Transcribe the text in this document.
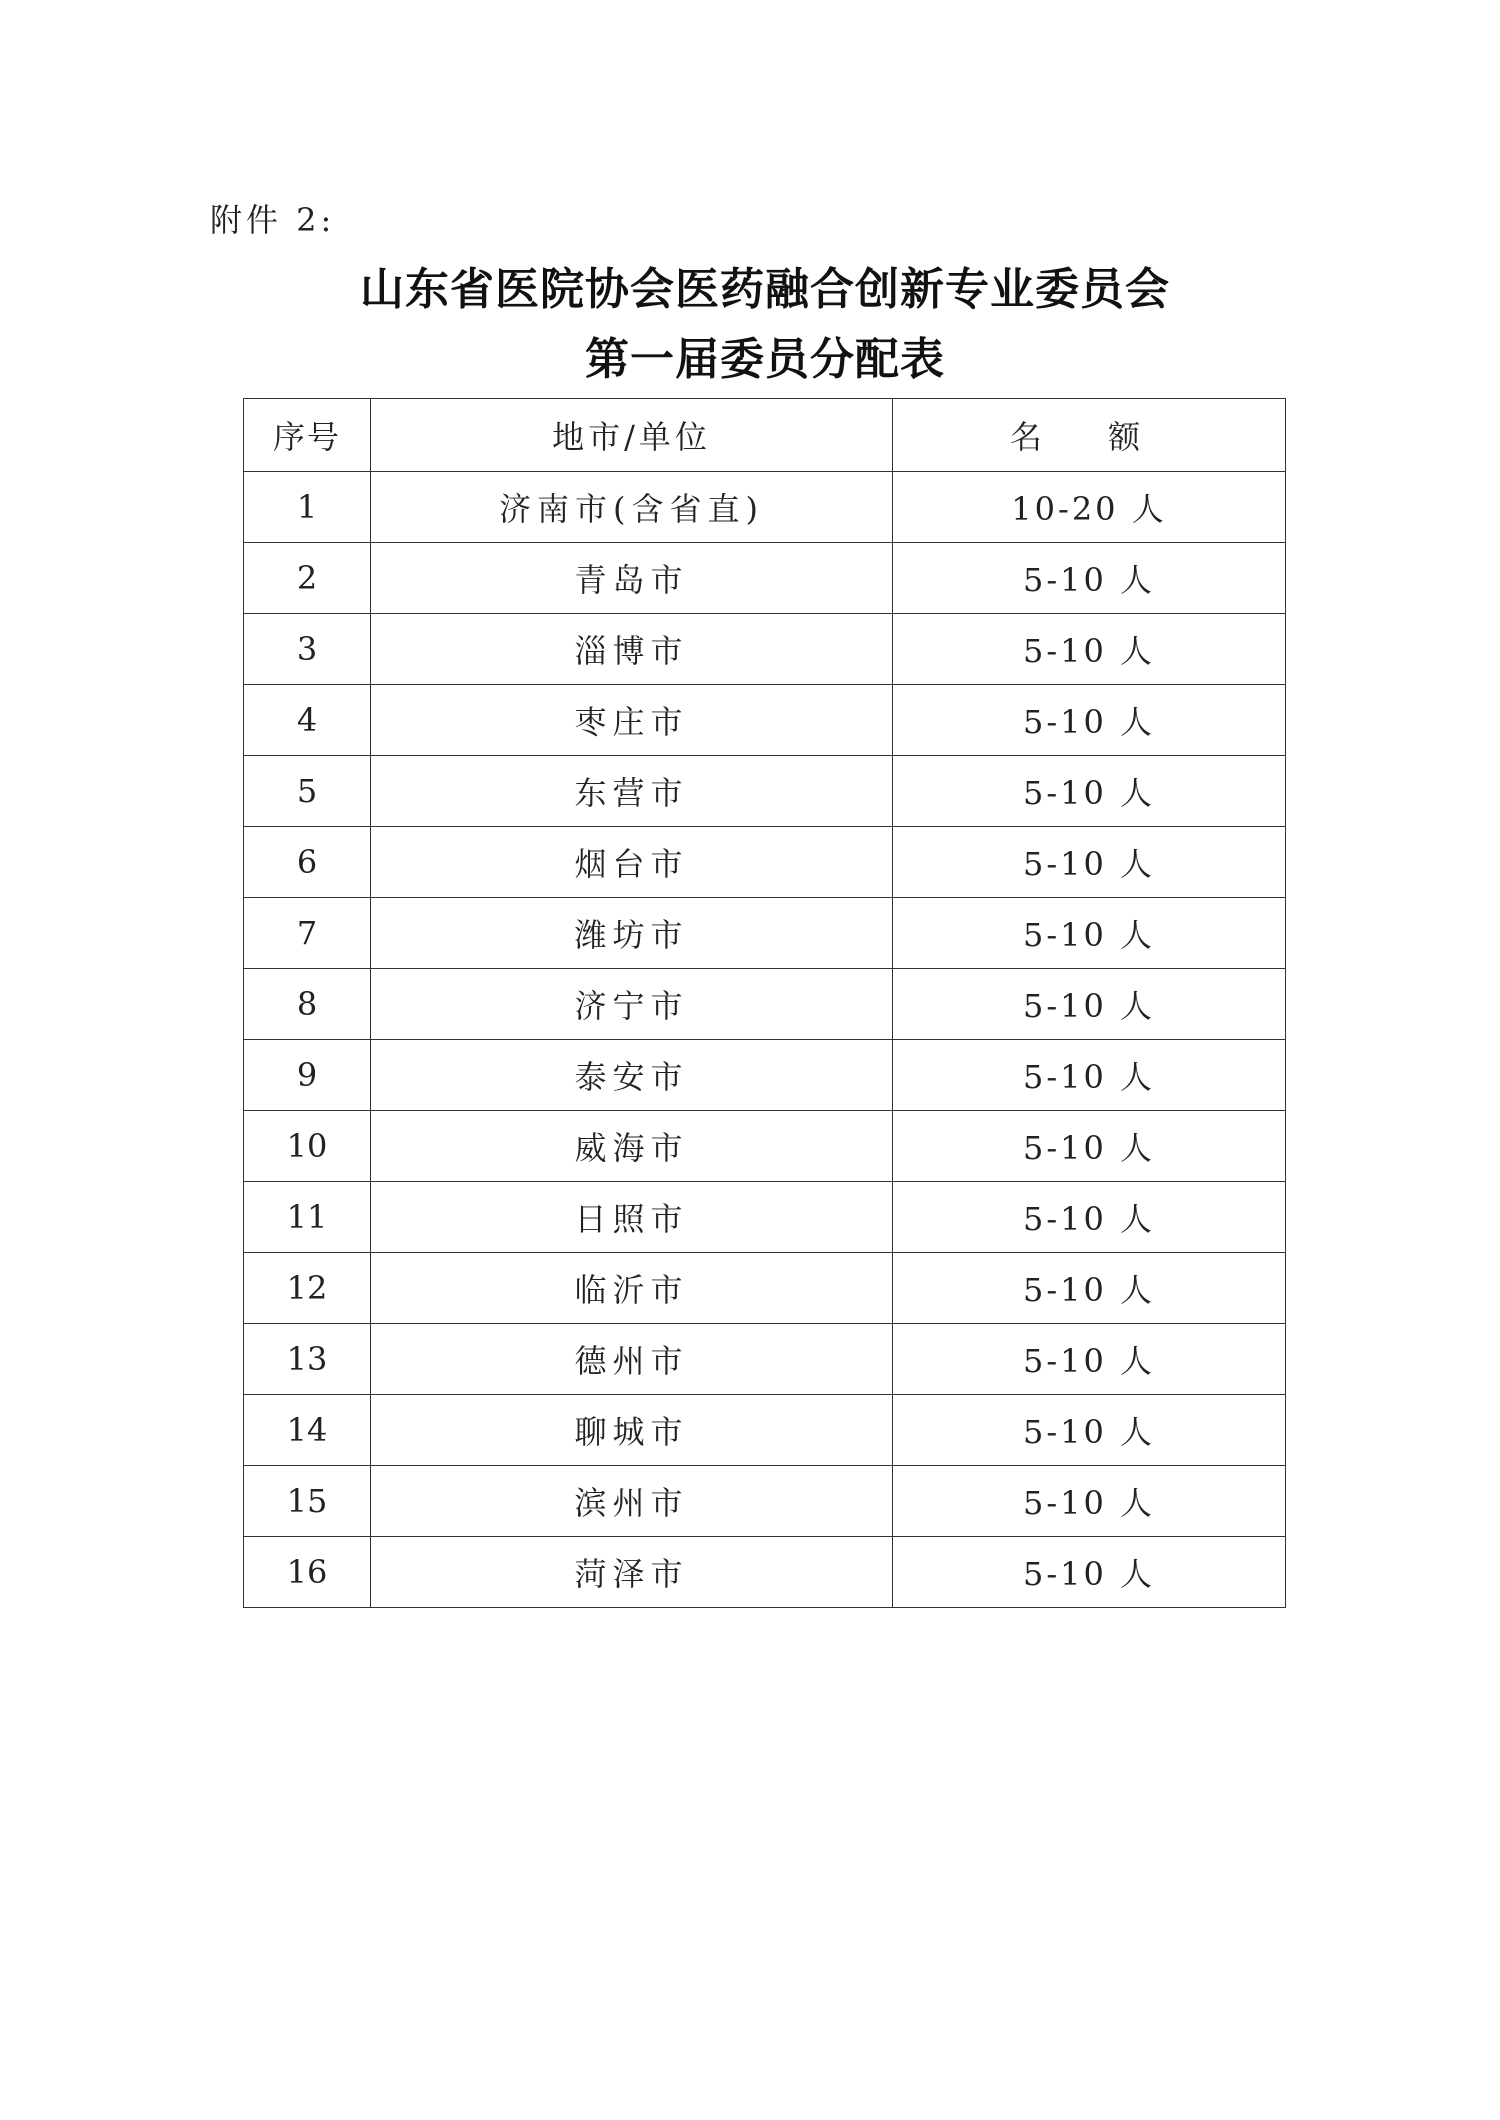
附件 2:
山东省医院协会医药融合创新专业委员会
第一届委员分配表
序号	地市/单位	名 额
1	济南市(含省直)	10-20 人
2	青岛市	5-10 人
3	淄博市	5-10 人
4	枣庄市	5-10 人
5	东营市	5-10 人
6	烟台市	5-10 人
7	潍坊市	5-10 人
8	济宁市	5-10 人
9	泰安市	5-10 人
10	威海市	5-10 人
11	日照市	5-10 人
12	临沂市	5-10 人
13	德州市	5-10 人
14	聊城市	5-10 人
15	滨州市	5-10 人
16	菏泽市	5-10 人
